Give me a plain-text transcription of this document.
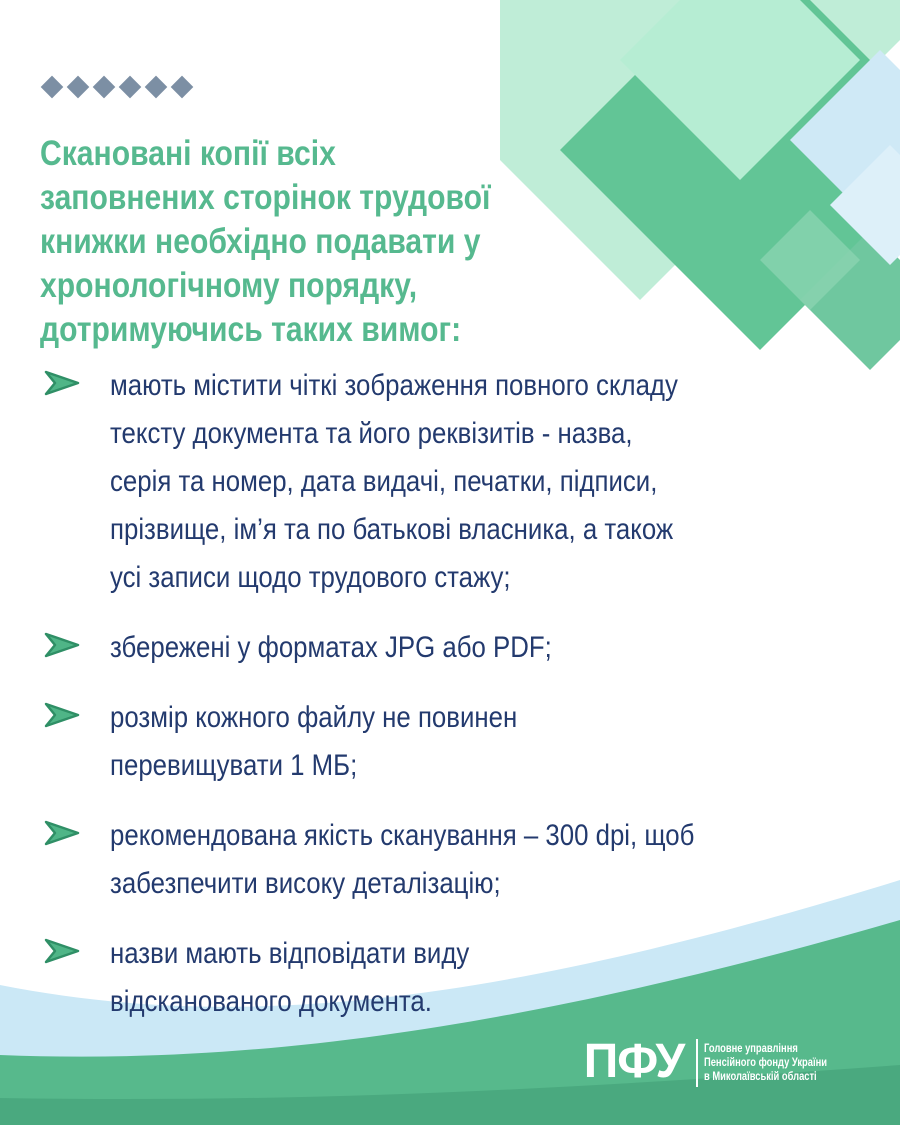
Скановані копії всіх
заповнених сторінок трудової
книжки необхідно подавати у
хронологічному порядку,
дотримуючись таких вимог:
мають містити чіткі зображення повного складу
тексту документа та його реквізитів - назва,
серія та номер, дата видачі, печатки, підписи,
прізвище, ім’я та по батькові власника, а також
усі записи щодо трудового стажу;
збережені у форматах JPG або PDF;
розмір кожного файлу не повинен
перевищувати 1 МБ;
рекомендована якість сканування – 300 dpi, щоб
забезпечити високу деталізацію;
назви мають відповідати виду
відсканованого документа.
ПФУ	Головне управління
Пенсійного фонду України
в Миколаївській області
